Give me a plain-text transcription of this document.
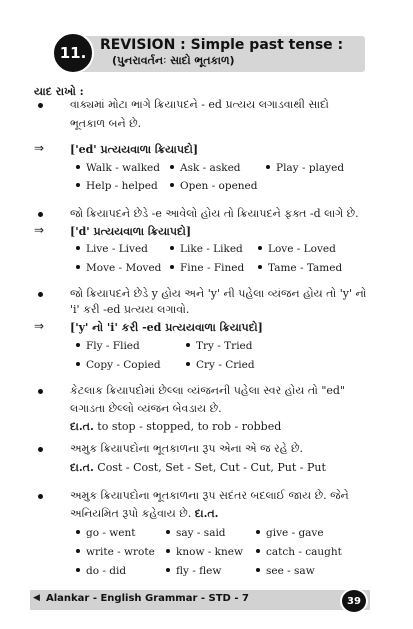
11. REVISION : Simple past tense :
(પુનરાવર્તનઃ સાદો ભૂતકાળ)
યાદ રાખો :
વાક્યમાં મોટા ભાગે ક્રિયાપદને - ed પ્રત્યય લગાડવાથી સાદો
ભૂતકાળ બને છે.
⇒ ['ed' પ્રત્યયવાળા ક્રિયાપદો]
Walk - walked	Ask - asked	Play - played
Help - helped	Open - opened
જો ક્રિયાપદને છેડે -e આવેલો હોય તો ક્રિયાપદને ફક્ત -d લાગે છે.
⇒ ['d' પ્રત્યયવાળા ક્રિયાપદો]
Live - Lived	Like - Liked	Love - Loved
Move - Moved	Fine - Fined	Tame - Tamed
જો ક્રિયાપદને છેડે y હોય અને 'y' ની પહેલા વ્યંજન હોય તો 'y' નો
'i' કરી -ed પ્રત્યય લગાવો.
⇒ ['y' નો 'i' કરી -ed પ્રત્યયવાળા ક્રિયાપદો]
Fly - Flied	Try - Tried
Copy - Copied	Cry - Cried
કેટલાક ક્રિયાપદોમાં છેલ્લા વ્યંજનની પહેલા સ્વર હોય તો "ed"
લગાડતા છેલ્લો વ્યંજન બેવડાય છે.
દા.ત. to stop - stopped, to rob - robbed
અમુક ક્રિયાપદોના ભૂતકાળના રૂપ એના એ જ રહે છે.
દા.ત. Cost - Cost, Set - Set, Cut - Cut, Put - Put
અમુક ક્રિયાપદોના ભૂતકાળના રૂપ સદંતર બદલાઈ જાય છે. જેને
અનિયમિત રૂપો કહેવાય છે. દા.ત.
go - went	say - said	give - gave
write - wrote	know - knew	catch - caught
do - did	fly - flew	see - saw
◀ Alankar - English Grammar - STD - 7	39
